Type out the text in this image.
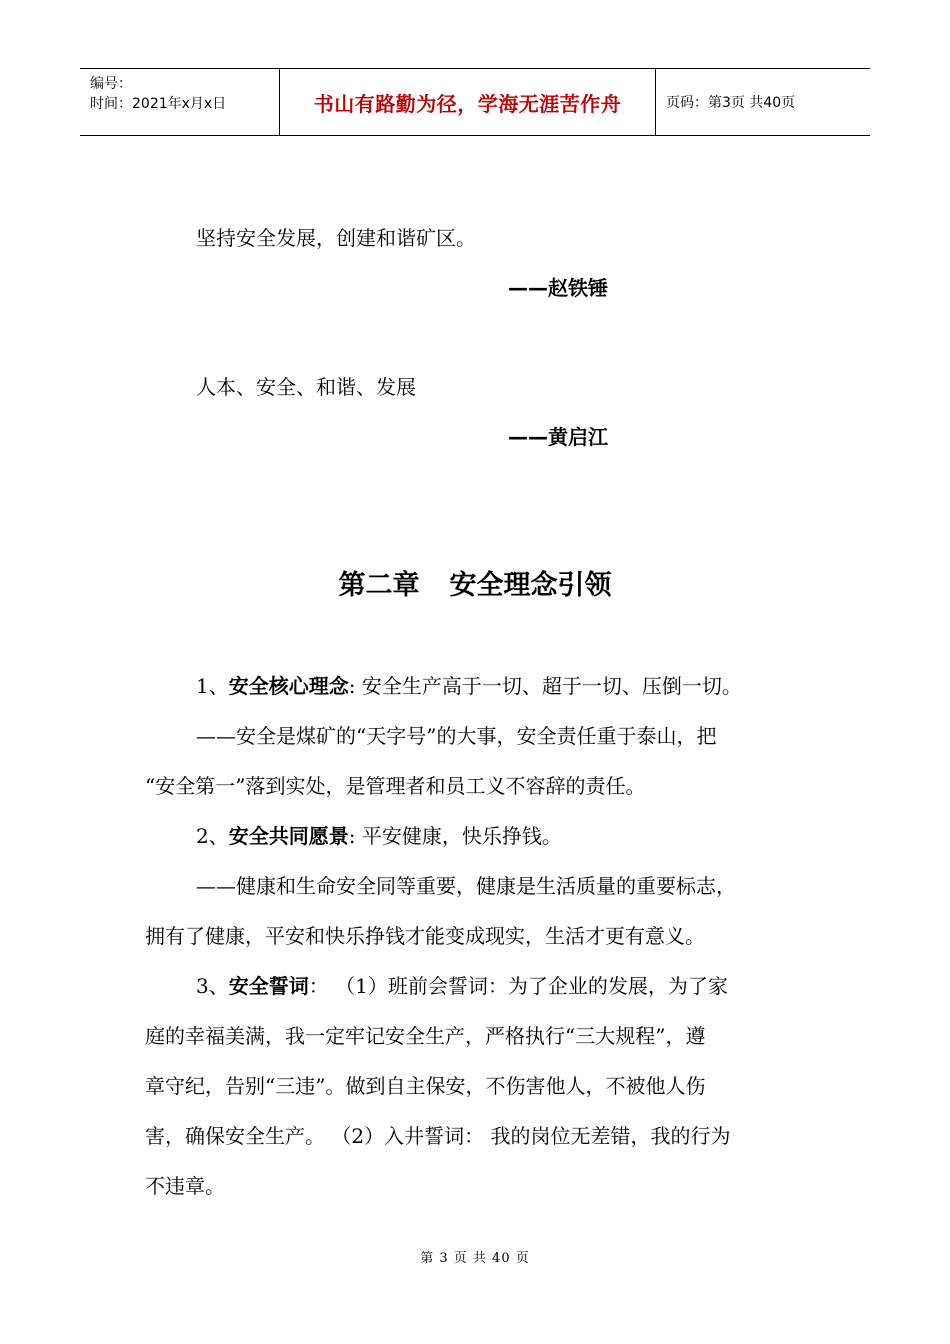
编号：
时间：2021年x月x日	书山有路勤为径，学海无涯苦作舟	页码：第3页 共40页
坚持安全发展，创建和谐矿区。
——赵铁锤
人本、安全、和谐、发展
——黄启江
第二章 安全理念引领
1、安全核心理念: 安全生产高于一切、超于一切、压倒一切。
——安全是煤矿的“天字号”的大事，安全责任重于泰山，把
“安全第一”落到实处，是管理者和员工义不容辞的责任。
2、安全共同愿景: 平安健康，快乐挣钱。
——健康和生命安全同等重要，健康是生活质量的重要标志，
拥有了健康，平安和快乐挣钱才能变成现实，生活才更有意义。
3、安全誓词： （1）班前会誓词：为了企业的发展，为了家
庭的幸福美满，我一定牢记安全生产，严格执行“三大规程”，遵
章守纪，告别“三违”。做到自主保安，不伤害他人，不被他人伤
害，确保安全生产。 （2）入井誓词： 我的岗位无差错，我的行为
不违章。
第 3 页 共 40 页
